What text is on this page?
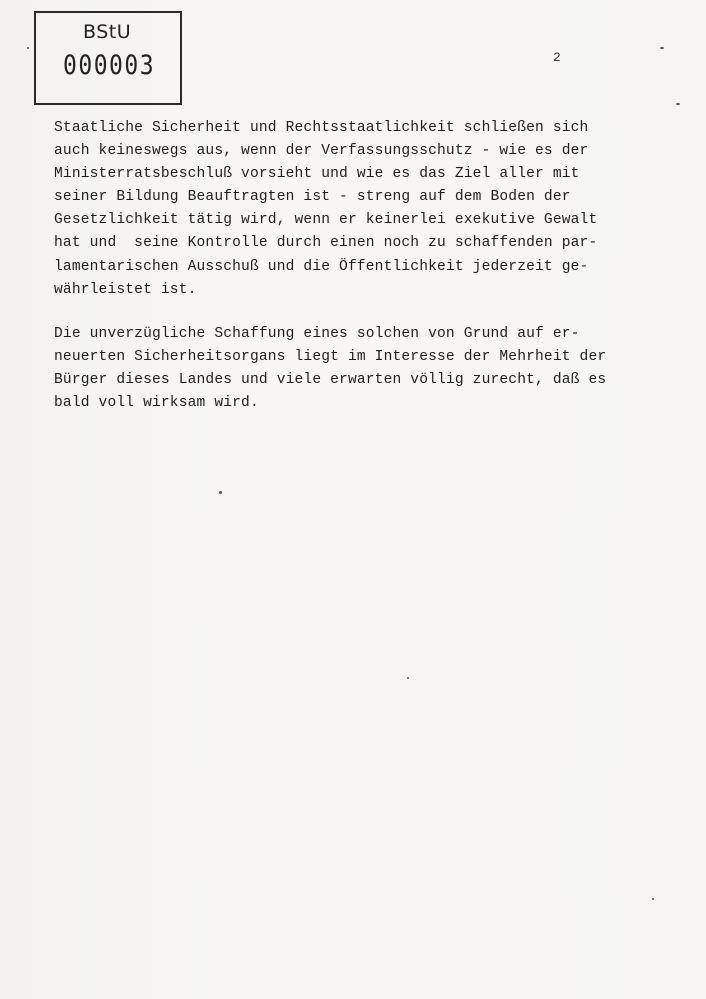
BStU
000003	2

Staatliche Sicherheit und Rechtsstaatlichkeit schließen sich
auch keineswegs aus, wenn der Verfassungsschutz - wie es der
Ministerratsbeschluß vorsieht und wie es das Ziel aller mit
seiner Bildung Beauftragten ist - streng auf dem Boden der
Gesetzlichkeit tätig wird, wenn er keinerlei exekutive Gewalt
hat und  seine Kontrolle durch einen noch zu schaffenden par-
lamentarischen Ausschuß und die Öffentlichkeit jederzeit ge-
währleistet ist.

Die unverzügliche Schaffung eines solchen von Grund auf er-
neuerten Sicherheitsorgans liegt im Interesse der Mehrheit der
Bürger dieses Landes und viele erwarten völlig zurecht, daß es
bald voll wirksam wird.
